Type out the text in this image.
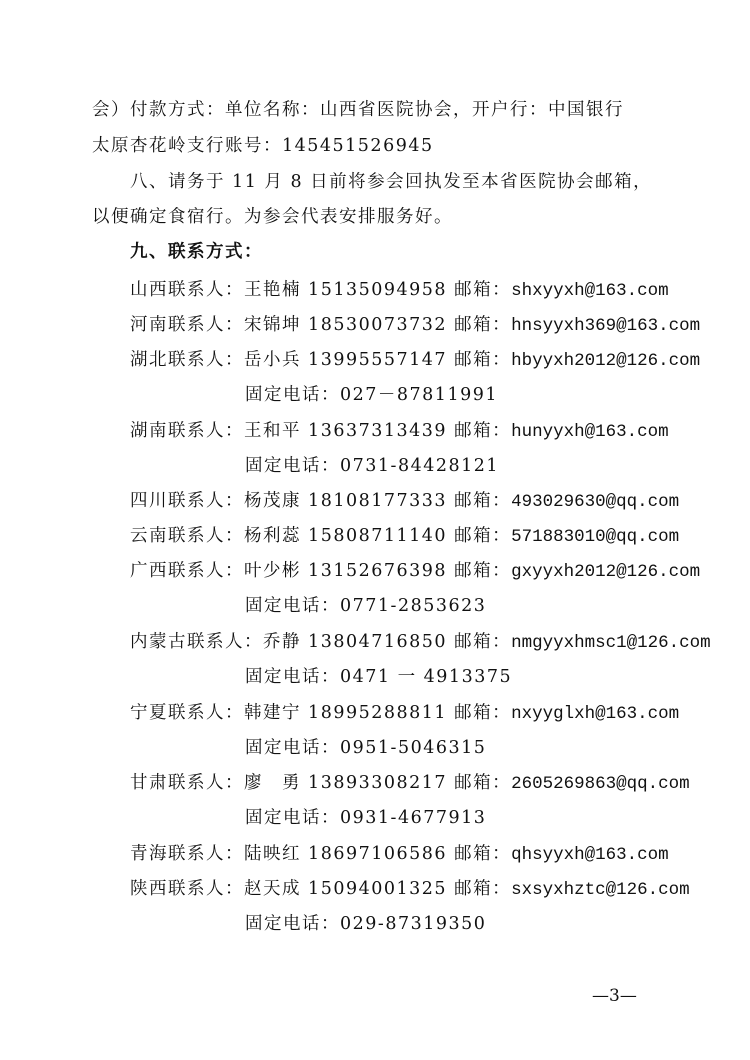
会）付款方式：单位名称：山西省医院协会，开户行：中国银行
太原杏花岭支行账号：145451526945
八、请务于 11 月 8 日前将参会回执发至本省医院协会邮箱，
以便确定食宿行。为参会代表安排服务好。
九、联系方式：
山西联系人：王艳楠 15135094958 邮箱：shxyyxh@163.com
河南联系人：宋锦坤 18530073732 邮箱：hnsyyxh369@163.com
湖北联系人：岳小兵 13995557147 邮箱：hbyyxh2012@126.com
固定电话：027－87811991
湖南联系人：王和平 13637313439 邮箱：hunyyxh@163.com
固定电话：0731-84428121
四川联系人：杨茂康 18108177333 邮箱：493029630@qq.com
云南联系人：杨利蕊 15808711140 邮箱：571883010@qq.com
广西联系人：叶少彬 13152676398 邮箱：gxyyxh2012@126.com
固定电话：0771-2853623
内蒙古联系人：乔静 13804716850 邮箱：nmgyyxhmsc1@126.com
固定电话：0471 一 4913375
宁夏联系人：韩建宁 18995288811 邮箱：nxyyglxh@163.com
固定电话：0951-5046315
甘肃联系人：廖　勇 13893308217 邮箱：2605269863@qq.com
固定电话：0931-4677913
青海联系人：陆映红 18697106586 邮箱：qhsyyxh@163.com
陕西联系人：赵天成 15094001325 邮箱：sxsyxhztc@126.com
固定电话：029-87319350
—3—
